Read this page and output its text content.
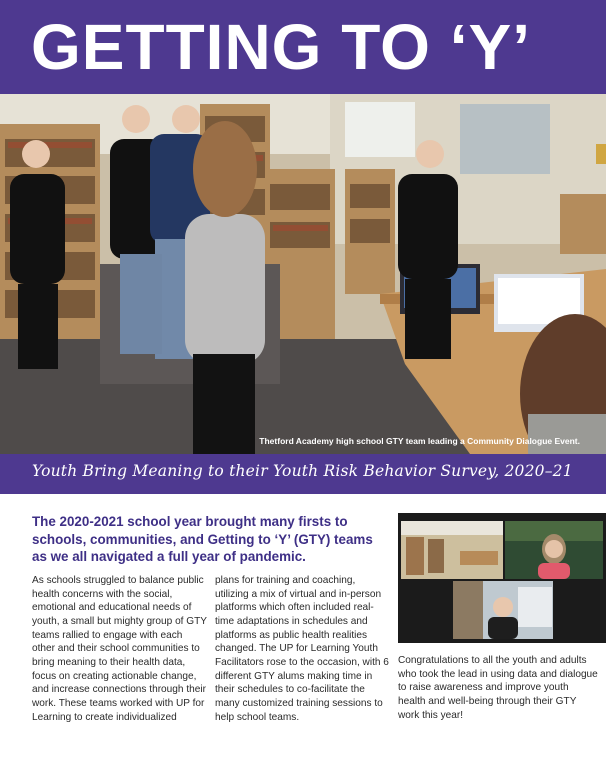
GETTING TO ‘Y’
Thetford Academy high school GTY team leading a Community Dialogue Event.
Youth Bring Meaning to their Youth Risk Behavior Survey, 2020–21
The 2020-2021 school year brought many firsts to schools, communities, and Getting to ‘Y’ (GTY) teams as we all navigated a full year of pandemic.
As schools struggled to balance public health concerns with the social, emotional and educational needs of youth, a small but mighty group of GTY teams rallied to engage with each other and their school communities to bring meaning to their health data, focus on creating actionable change, and increase connections through their work. These teams worked with UP for Learning to create individualized
plans for training and coaching, utilizing a mix of virtual and in-person platforms which often included real-time adaptations in schedules and platforms as public health realities changed. The UP for Learning Youth Facilitators rose to the occasion, with 6 different GTY alums making time in their schedules to co-facilitate the many customized training sessions to help school teams.
Congratulations to all the youth and adults who took the lead in using data and dialogue to raise awareness and improve youth health and well-being through their GTY work this year!
